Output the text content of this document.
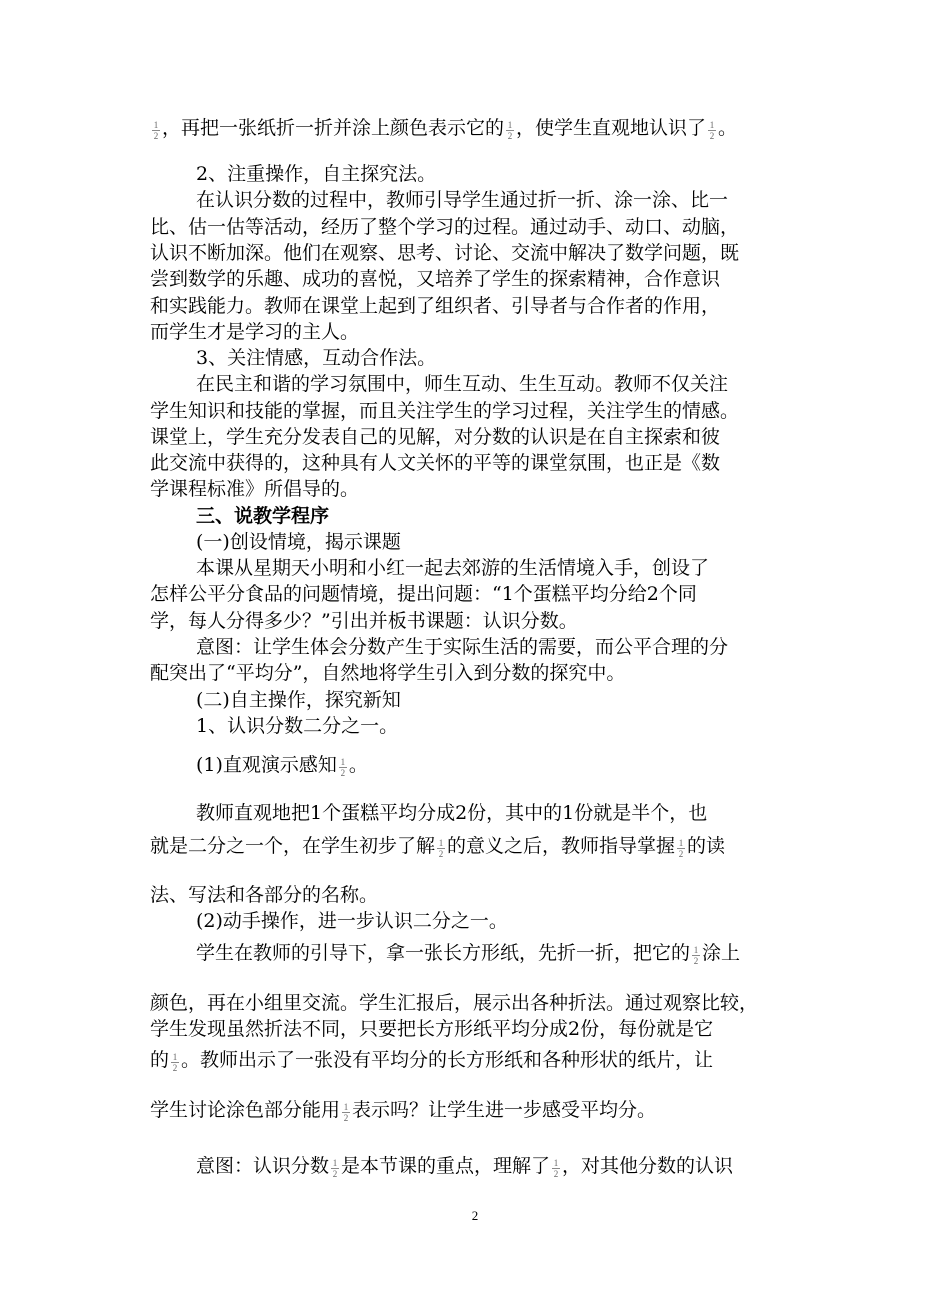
2
$\frac{1}{2}$ ，再把一张纸折一折并涂上颜色表示它的 $\frac{1}{2}$ ，使学生直观地认识了 $\frac{1}{2}$ 。
2、注重操作，自主探究法。
在认识分数的过程中，教师引导学生通过折一折、涂一涂、比一
比、估一估等活动，经历了整个学习的过程。通过动手、动口、动脑，
认识不断加深。他们在观察、思考、讨论、交流中解决了数学问题，既
尝到数学的乐趣、成功的喜悦，又培养了学生的探索精神，合作意识
和实践能力。教师在课堂上起到了组织者、引导者与合作者的作用，
而学生才是学习的主人。
3、关注情感，互动合作法。
在民主和谐的学习氛围中，师生互动、生生互动。教师不仅关注
学生知识和技能的掌握，而且关注学生的学习过程，关注学生的情感。
课堂上，学生充分发表自己的见解，对分数的认识是在自主探索和彼
此交流中获得的，这种具有人文关怀的平等的课堂氛围，也正是《数
学课程标准》所倡导的。
三、说教学程序
(一)创设情境，揭示课题
本课从星期天小明和小红一起去郊游的生活情境入手，创设了
怎样公平分食品的问题情境，提出问题：“1个蛋糕平均分给2个同
学，每人分得多少？”引出并板书课题：认识分数。
意图：让学生体会分数产生于实际生活的需要，而公平合理的分
配突出了“平均分”，自然地将学生引入到分数的探究中。
(二)自主操作，探究新知
1、认识分数二分之一。
(1)直观演示感知 $\frac{1}{2}$ 。
教师直观地把1个蛋糕平均分成2份，其中的1份就是半个，也
就是二分之一个，在学生初步了解 $\frac{1}{2}$ 的意义之后，教师指导掌握 $\frac{1}{2}$ 的读
法、写法和各部分的名称。
(2)动手操作，进一步认识二分之一。
学生在教师的引导下，拿一张长方形纸，先折一折，把它的 $\frac{1}{2}$ 涂上
颜色，再在小组里交流。学生汇报后，展示出各种折法。通过观察比较，
学生发现虽然折法不同，只要把长方形纸平均分成2份，每份就是它
的 $\frac{1}{2}$ 。教师出示了一张没有平均分的长方形纸和各种形状的纸片，让
学生讨论涂色部分能用 $\frac{1}{2}$ 表示吗？让学生进一步感受平均分。
意图：认识分数 $\frac{1}{2}$ 是本节课的重点，理解了 $\frac{1}{2}$ ，对其他分数的认识
